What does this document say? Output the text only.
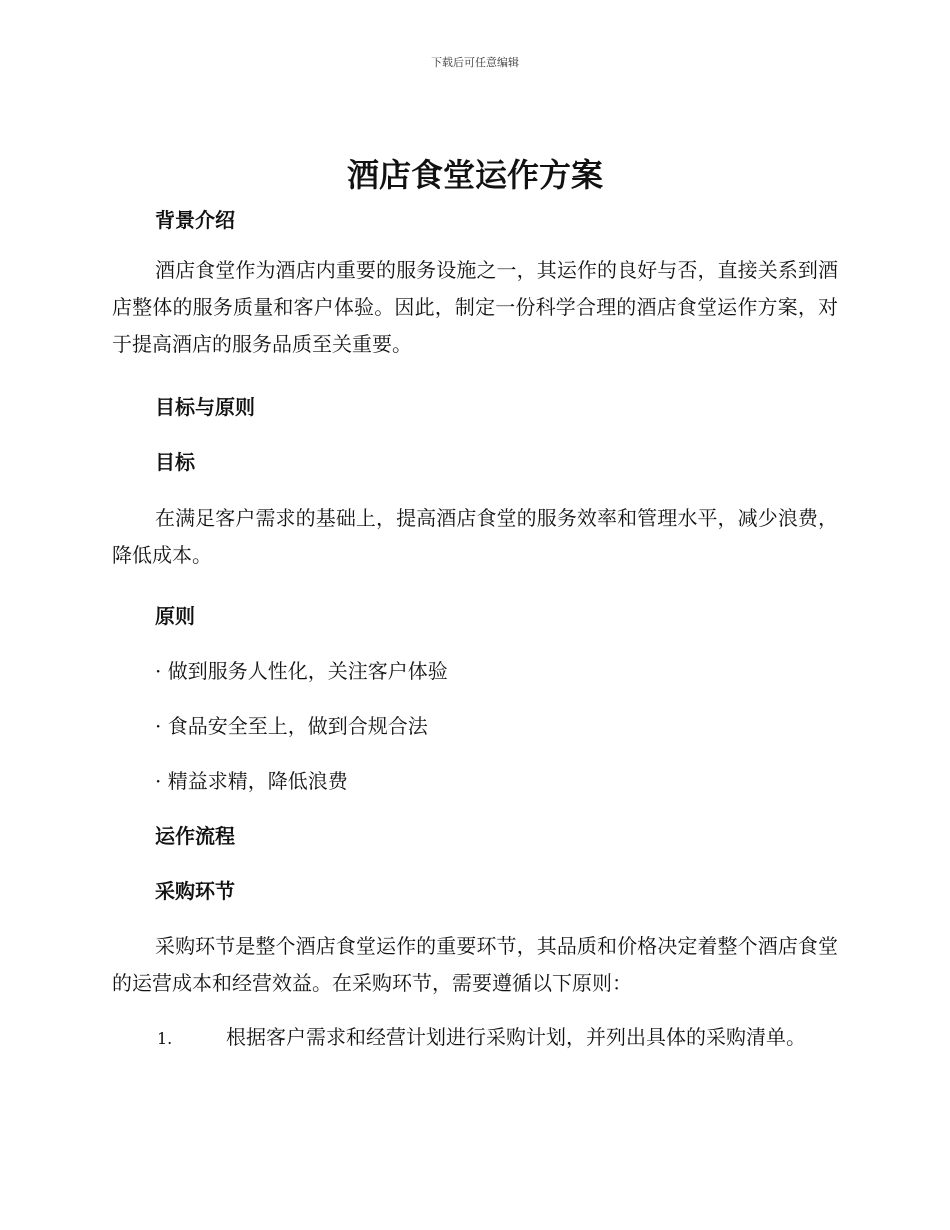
下载后可任意编辑
酒店食堂运作方案

背景介绍

酒店食堂作为酒店内重要的服务设施之一，其运作的良好与否，直接关系到酒店整体的服务质量和客户体验。因此，制定一份科学合理的酒店食堂运作方案，对于提高酒店的服务品质至关重要。

目标与原则

目标

在满足客户需求的基础上，提高酒店食堂的服务效率和管理水平，减少浪费，降低成本。

原则

· 做到服务人性化，关注客户体验

· 食品安全至上，做到合规合法

· 精益求精，降低浪费

运作流程

采购环节

采购环节是整个酒店食堂运作的重要环节，其品质和价格决定着整个酒店食堂的运营成本和经营效益。在采购环节，需要遵循以下原则：

1.	根据客户需求和经营计划进行采购计划，并列出具体的采购清单。
